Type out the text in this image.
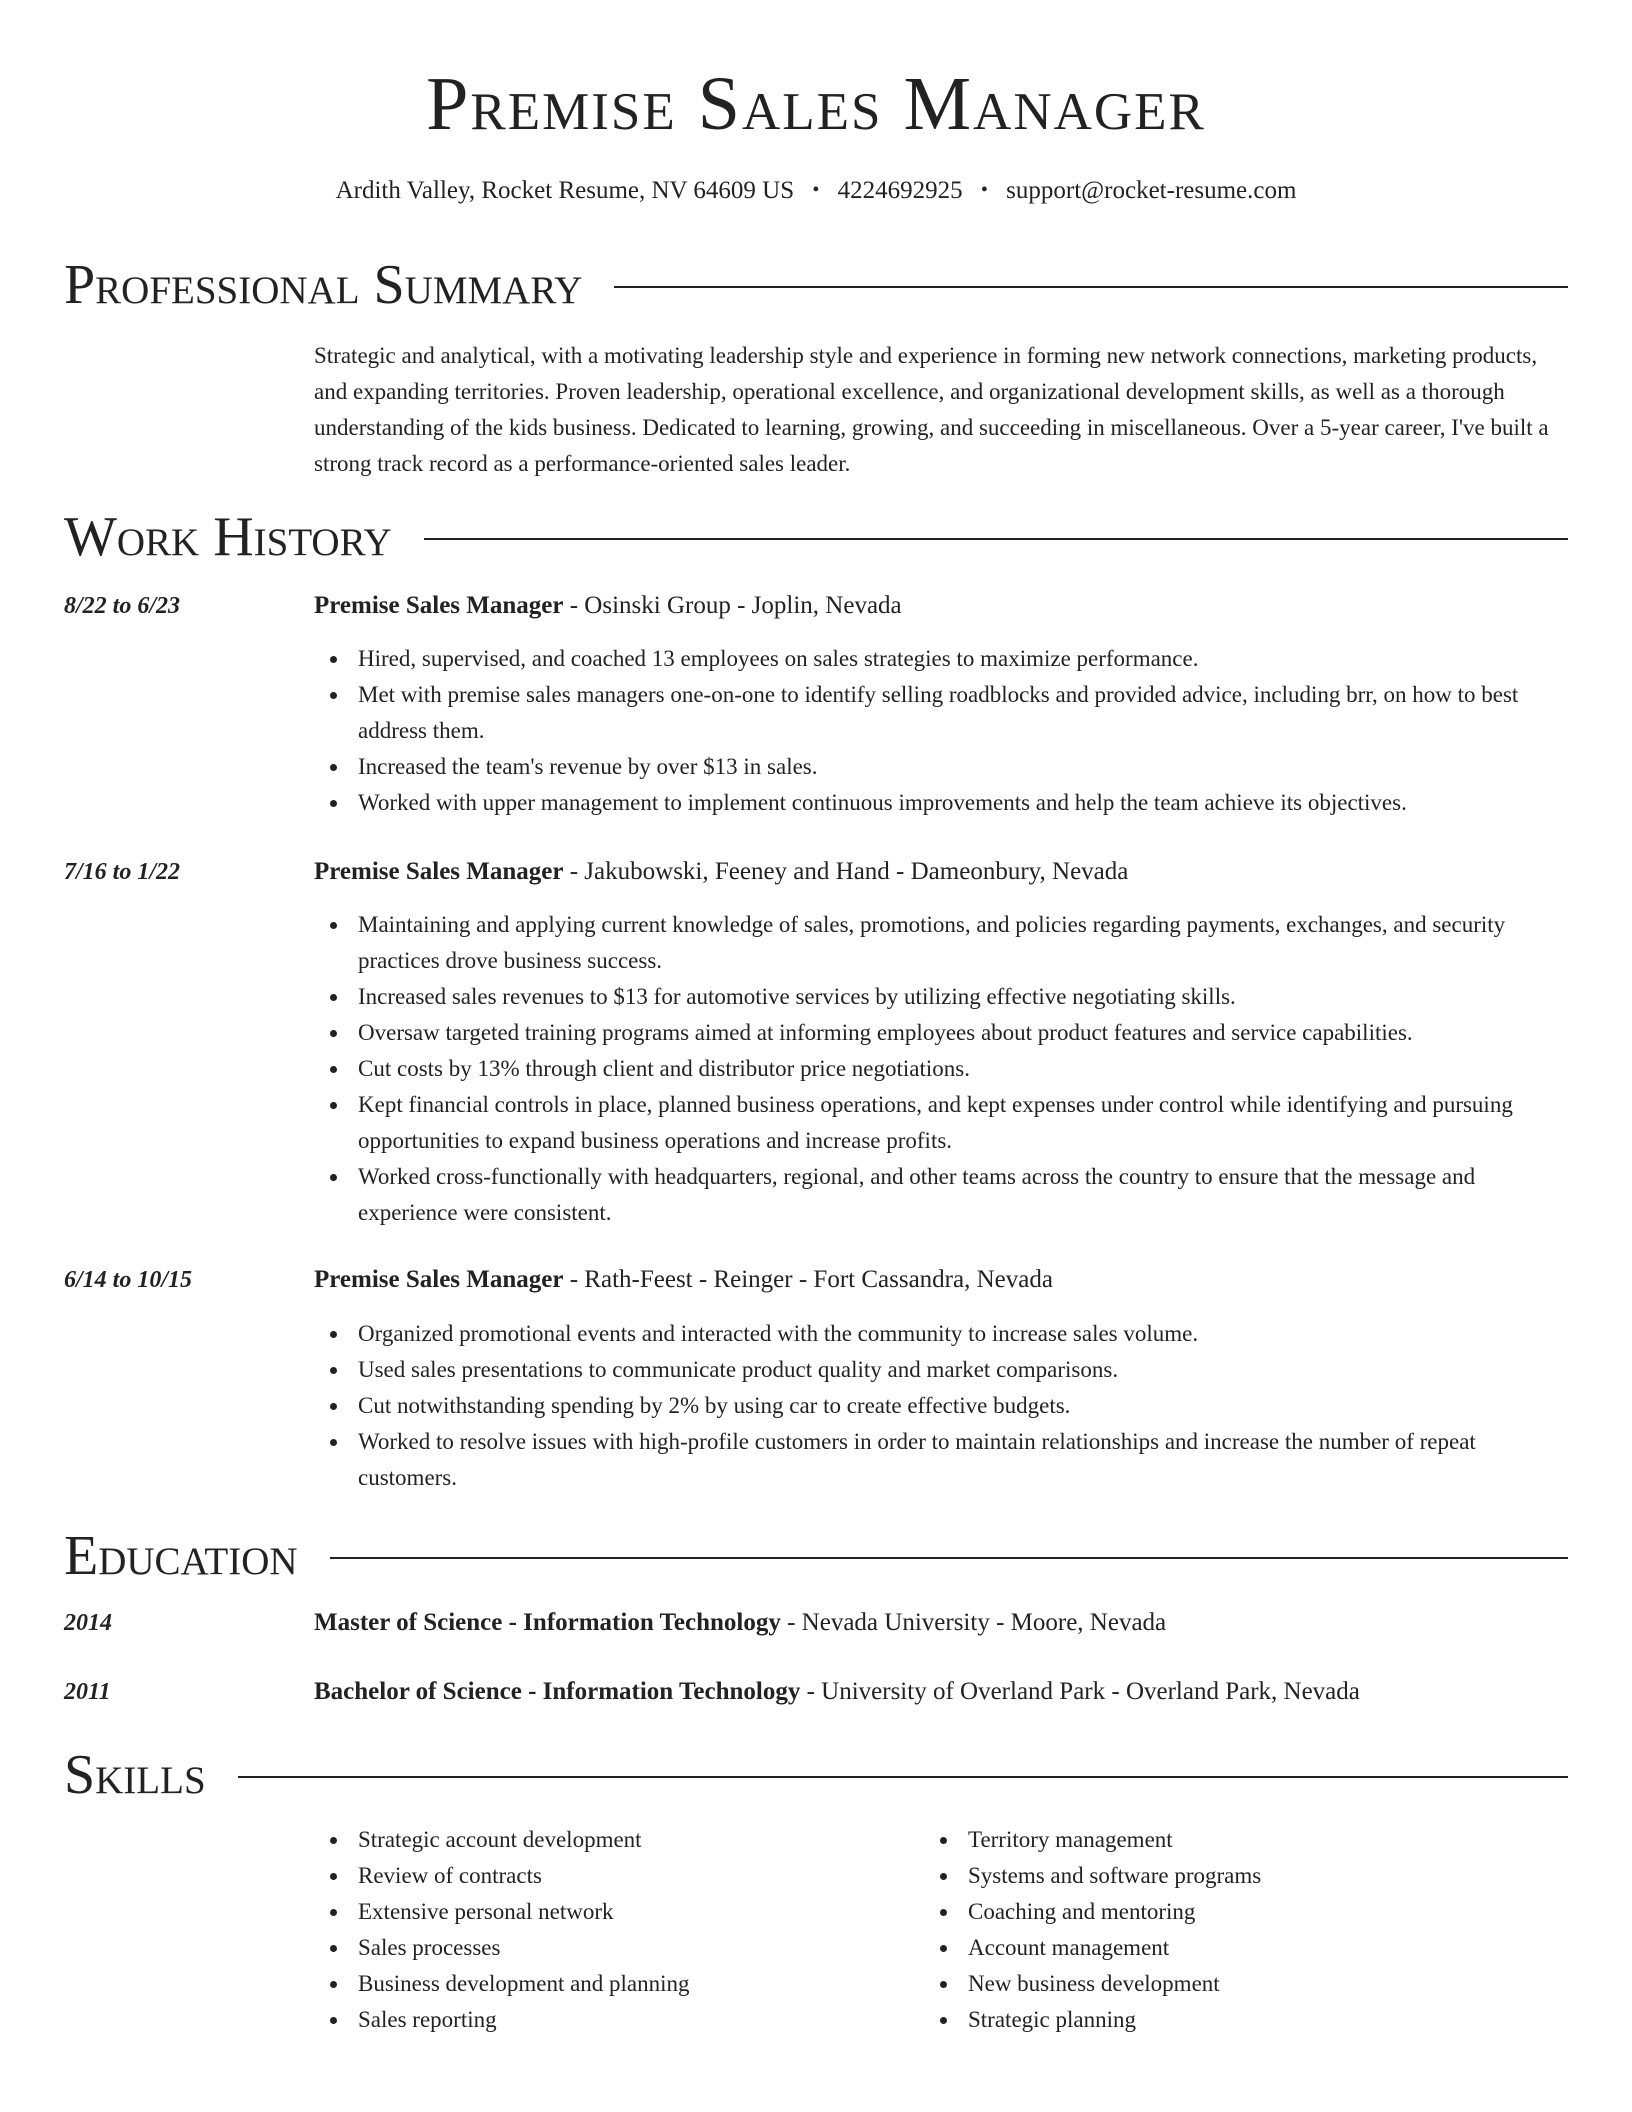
Premise Sales Manager
Ardith Valley, Rocket Resume, NV 64609 US • 4224692925 • support@rocket-resume.com
Professional Summary
Strategic and analytical, with a motivating leadership style and experience in forming new network connections, marketing products, and expanding territories. Proven leadership, operational excellence, and organizational development skills, as well as a thorough understanding of the kids business. Dedicated to learning, growing, and succeeding in miscellaneous. Over a 5-year career, I've built a strong track record as a performance-oriented sales leader.
Work History
8/22 to 6/23	Premise Sales Manager - Osinski Group - Joplin, Nevada
Hired, supervised, and coached 13 employees on sales strategies to maximize performance.
Met with premise sales managers one-on-one to identify selling roadblocks and provided advice, including brr, on how to best address them.
Increased the team's revenue by over $13 in sales.
Worked with upper management to implement continuous improvements and help the team achieve its objectives.
7/16 to 1/22	Premise Sales Manager - Jakubowski, Feeney and Hand - Dameonbury, Nevada
Maintaining and applying current knowledge of sales, promotions, and policies regarding payments, exchanges, and security practices drove business success.
Increased sales revenues to $13 for automotive services by utilizing effective negotiating skills.
Oversaw targeted training programs aimed at informing employees about product features and service capabilities.
Cut costs by 13% through client and distributor price negotiations.
Kept financial controls in place, planned business operations, and kept expenses under control while identifying and pursuing opportunities to expand business operations and increase profits.
Worked cross-functionally with headquarters, regional, and other teams across the country to ensure that the message and experience were consistent.
6/14 to 10/15	Premise Sales Manager - Rath-Feest - Reinger - Fort Cassandra, Nevada
Organized promotional events and interacted with the community to increase sales volume.
Used sales presentations to communicate product quality and market comparisons.
Cut notwithstanding spending by 2% by using car to create effective budgets.
Worked to resolve issues with high-profile customers in order to maintain relationships and increase the number of repeat customers.
Education
2014	Master of Science - Information Technology - Nevada University - Moore, Nevada
2011	Bachelor of Science - Information Technology - University of Overland Park - Overland Park, Nevada
Skills
Strategic account development
Review of contracts
Extensive personal network
Sales processes
Business development and planning
Sales reporting
Territory management
Systems and software programs
Coaching and mentoring
Account management
New business development
Strategic planning
